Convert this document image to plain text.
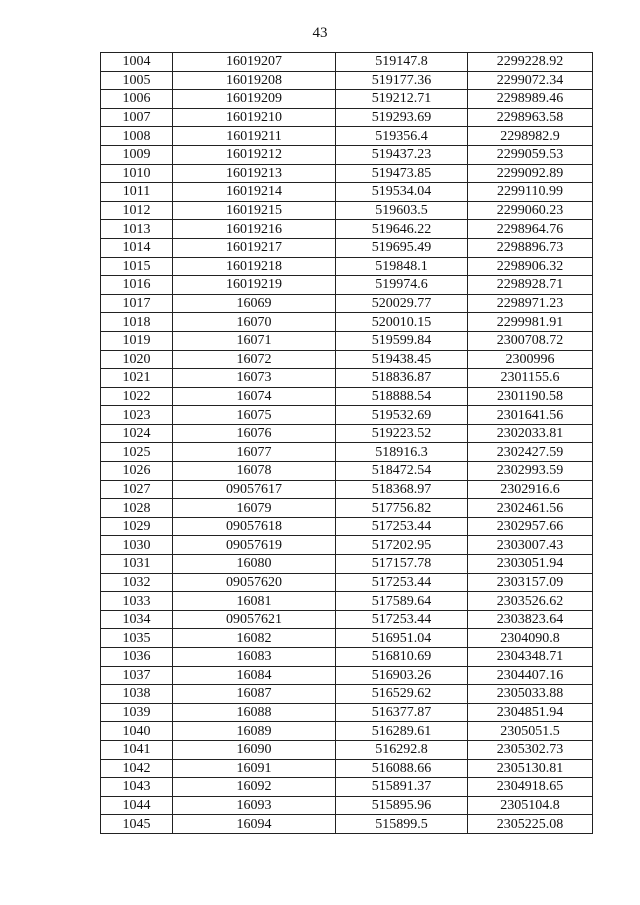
43
1004	16019207	519147.8	2299228.92
1005	16019208	519177.36	2299072.34
1006	16019209	519212.71	2298989.46
1007	16019210	519293.69	2298963.58
1008	16019211	519356.4	2298982.9
1009	16019212	519437.23	2299059.53
1010	16019213	519473.85	2299092.89
1011	16019214	519534.04	2299110.99
1012	16019215	519603.5	2299060.23
1013	16019216	519646.22	2298964.76
1014	16019217	519695.49	2298896.73
1015	16019218	519848.1	2298906.32
1016	16019219	519974.6	2298928.71
1017	16069	520029.77	2298971.23
1018	16070	520010.15	2299981.91
1019	16071	519599.84	2300708.72
1020	16072	519438.45	2300996
1021	16073	518836.87	2301155.6
1022	16074	518888.54	2301190.58
1023	16075	519532.69	2301641.56
1024	16076	519223.52	2302033.81
1025	16077	518916.3	2302427.59
1026	16078	518472.54	2302993.59
1027	09057617	518368.97	2302916.6
1028	16079	517756.82	2302461.56
1029	09057618	517253.44	2302957.66
1030	09057619	517202.95	2303007.43
1031	16080	517157.78	2303051.94
1032	09057620	517253.44	2303157.09
1033	16081	517589.64	2303526.62
1034	09057621	517253.44	2303823.64
1035	16082	516951.04	2304090.8
1036	16083	516810.69	2304348.71
1037	16084	516903.26	2304407.16
1038	16087	516529.62	2305033.88
1039	16088	516377.87	2304851.94
1040	16089	516289.61	2305051.5
1041	16090	516292.8	2305302.73
1042	16091	516088.66	2305130.81
1043	16092	515891.37	2304918.65
1044	16093	515895.96	2305104.8
1045	16094	515899.5	2305225.08
